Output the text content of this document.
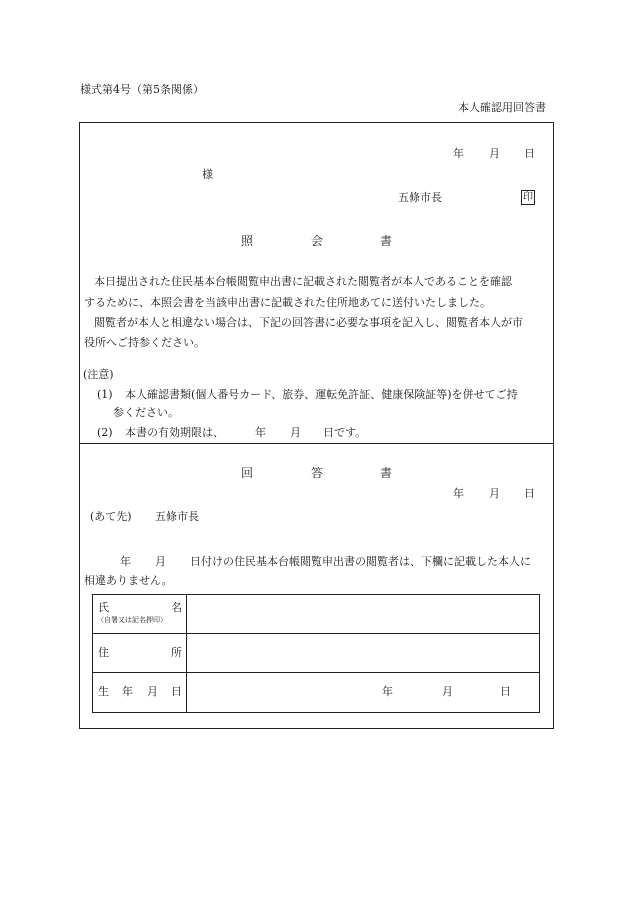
様式第4号（第5条関係）
本人確認用回答書
年 月 日
様
五條市長	印
照	会	書
本日提出された住民基本台帳閲覧申出書に記載された閲覧者が本人であることを確認
するために、本照会書を当該申出書に記載された住所地あてに送付いたしました。
閲覧者が本人と相違ない場合は、下記の回答書に必要な事項を記入し、閲覧者本人が市
役所へご持参ください。
(注意)
(1) 本人確認書類(個人番号カード、旅券、運転免許証、健康保険証等)を併せてご持
参ください。
(2) 本書の有効期限は、	年 月 日です。
回	答	書
年 月 日
(あて先) 五條市長
年 月 日付けの住民基本台帳閲覧申出書の閲覧者は、下欄に記載した本人に
相違ありません。
氏	名
（自署又は記名押印）
住	所
生 年 月 日	年	月	日
